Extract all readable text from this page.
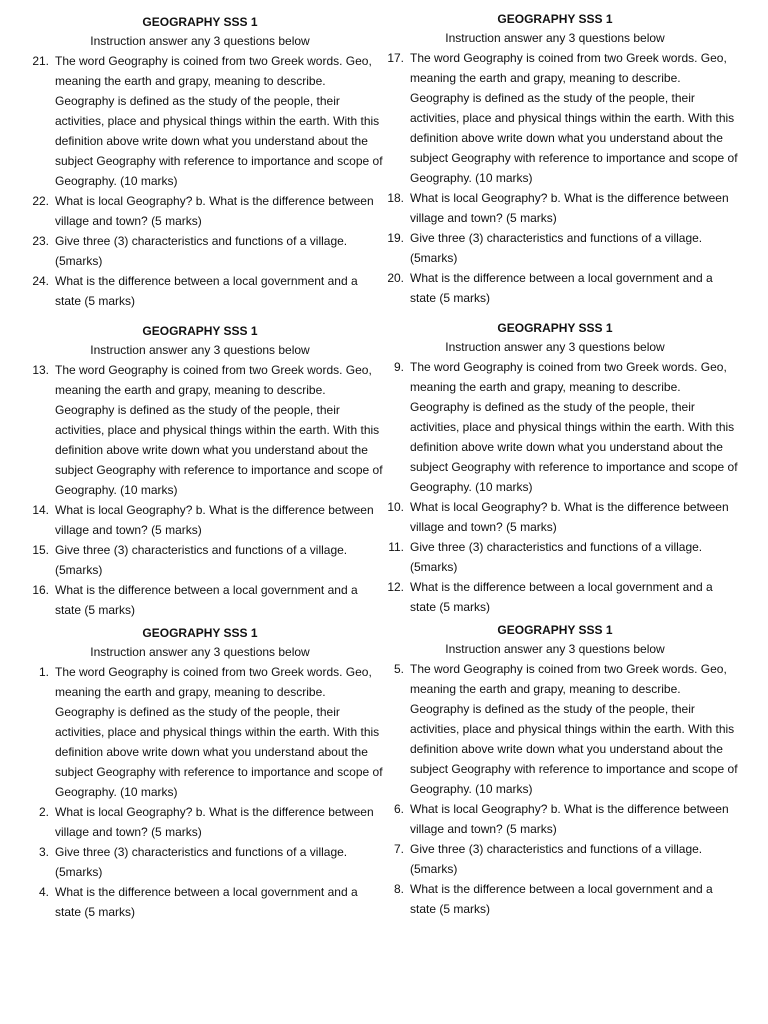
GEOGRAPHY SSS 1
Instruction answer any 3 questions below
21. The word Geography is coined from two Greek words. Geo, meaning the earth and grapy, meaning to describe. Geography is defined as the study of the people, their activities, place and physical things within the earth. With this definition above write down what you understand about the subject Geography with reference to importance and scope of Geography. (10 marks)
22. What is local Geography? b. What is the difference between village and town? (5 marks)
23. Give three (3) characteristics and functions of a village. (5marks)
24. What is the difference between a local government and a state (5 marks)
GEOGRAPHY SSS 1
Instruction answer any 3 questions below
17. The word Geography is coined from two Greek words. Geo, meaning the earth and grapy, meaning to describe. Geography is defined as the study of the people, their activities, place and physical things within the earth. With this definition above write down what you understand about the subject Geography with reference to importance and scope of Geography. (10 marks)
18. What is local Geography? b. What is the difference between village and town? (5 marks)
19. Give three (3) characteristics and functions of a village. (5marks)
20. What is the difference between a local government and a state (5 marks)
GEOGRAPHY SSS 1
Instruction answer any 3 questions below
13. The word Geography is coined from two Greek words. Geo, meaning the earth and grapy, meaning to describe. Geography is defined as the study of the people, their activities, place and physical things within the earth. With this definition above write down what you understand about the subject Geography with reference to importance and scope of Geography. (10 marks)
14. What is local Geography? b. What is the difference between village and town? (5 marks)
15. Give three (3) characteristics and functions of a village. (5marks)
16. What is the difference between a local government and a state (5 marks)
GEOGRAPHY SSS 1
Instruction answer any 3 questions below
9. The word Geography is coined from two Greek words. Geo, meaning the earth and grapy, meaning to describe. Geography is defined as the study of the people, their activities, place and physical things within the earth. With this definition above write down what you understand about the subject Geography with reference to importance and scope of Geography. (10 marks)
10. What is local Geography? b. What is the difference between village and town? (5 marks)
11. Give three (3) characteristics and functions of a village. (5marks)
12. What is the difference between a local government and a state (5 marks)
GEOGRAPHY SSS 1
Instruction answer any 3 questions below
1. The word Geography is coined from two Greek words. Geo, meaning the earth and grapy, meaning to describe. Geography is defined as the study of the people, their activities, place and physical things within the earth. With this definition above write down what you understand about the subject Geography with reference to importance and scope of Geography. (10 marks)
2. What is local Geography? b. What is the difference between village and town? (5 marks)
3. Give three (3) characteristics and functions of a village. (5marks)
4. What is the difference between a local government and a state (5 marks)
GEOGRAPHY SSS 1
Instruction answer any 3 questions below
5. The word Geography is coined from two Greek words. Geo, meaning the earth and grapy, meaning to describe. Geography is defined as the study of the people, their activities, place and physical things within the earth. With this definition above write down what you understand about the subject Geography with reference to importance and scope of Geography. (10 marks)
6. What is local Geography? b. What is the difference between village and town? (5 marks)
7. Give three (3) characteristics and functions of a village. (5marks)
8. What is the difference between a local government and a state (5 marks)
